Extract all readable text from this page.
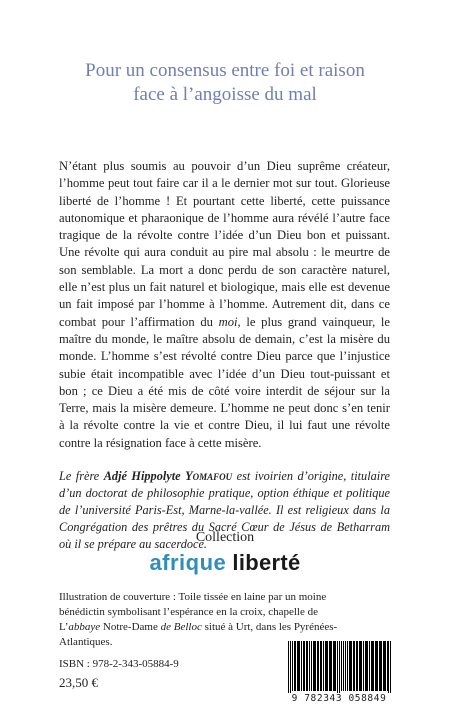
Pour un consensus entre foi et raison
face à l’angoisse du mal

N’étant plus soumis au pouvoir d’un Dieu suprême créateur, l’homme peut tout faire car il a le dernier mot sur tout. Glorieuse liberté de l’homme ! Et pourtant cette liberté, cette puissance autonomique et pharaonique de l’homme aura révélé l’autre face tragique de la révolte contre l’idée d’un Dieu bon et puissant. Une révolte qui aura conduit au pire mal absolu : le meurtre de son semblable. La mort a donc perdu de son caractère naturel, elle n’est plus un fait naturel et biologique, mais elle est devenue un fait imposé par l’homme à l’homme. Autrement dit, dans ce combat pour l’affirmation du moi, le plus grand vainqueur, le maître du monde, le maître absolu de demain, c’est la misère du monde. L’homme s’est révolté contre Dieu parce que l’injustice subie était incompatible avec l’idée d’un Dieu tout-puissant et bon ; ce Dieu a été mis de côté voire interdit de séjour sur la Terre, mais la misère demeure. L’homme ne peut donc s’en tenir à la révolte contre la vie et contre Dieu, il lui faut une révolte contre la résignation face à cette misère.

Le frère Adjé Hippolyte Yomafou est ivoirien d’origine, titulaire d’un doctorat de philosophie pratique, option éthique et politique de l’université Paris-Est, Marne-la-vallée. Il est religieux dans la Congrégation des prêtres du Sacré Cœur de Jésus de Betharram où il se prépare au sacerdoce.
Collection
afrique liberté
Illustration de couverture : Toile tissée en laine par un moine bénédictin symbolisant l’espérance en la croix, chapelle de L’abbaye Notre-Dame de Belloc situé à Urt, dans les Pyrénées-Atlantiques.
ISBN : 978-2-343-05884-9
23,50 €
9 782343 058849
